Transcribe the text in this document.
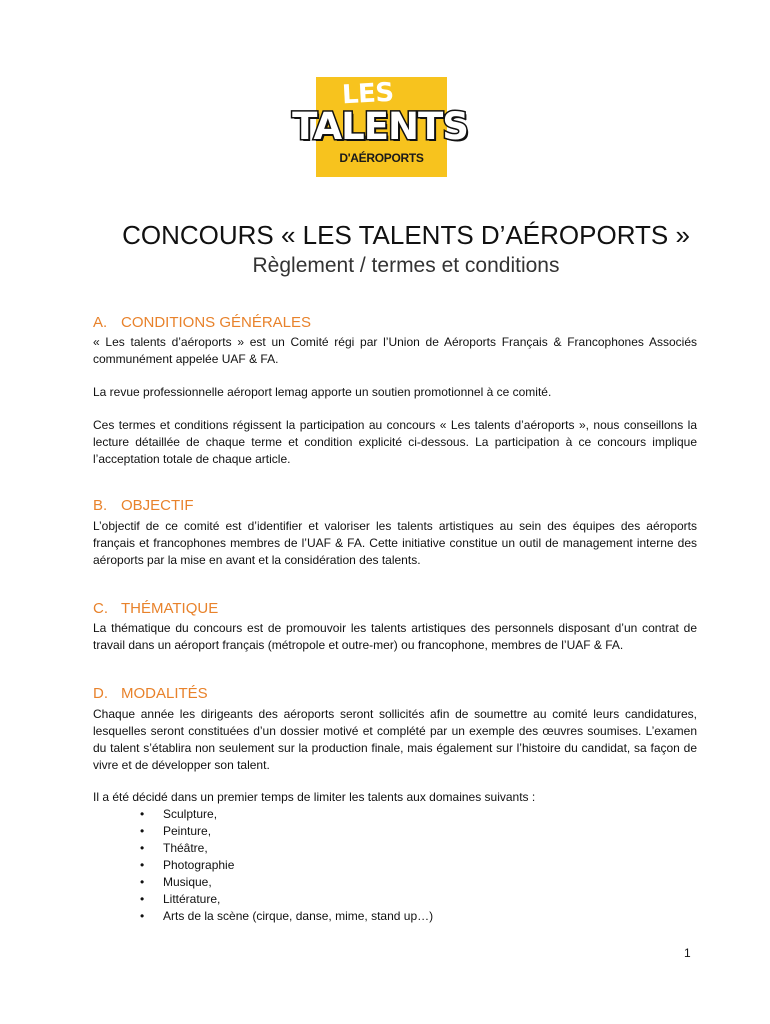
LES
TALENTS
D'AÉROPORTS
CONCOURS « LES TALENTS D’AÉROPORTS »
Règlement / termes et conditions
A. CONDITIONS GÉNÉRALES

« Les talents d’aéroports » est un Comité régi par l’Union de Aéroports Français & Francophones Associés communément appelée UAF & FA.

La revue professionnelle aéroport lemag apporte un soutien promotionnel à ce comité.

Ces termes et conditions régissent la participation au concours « Les talents d’aéroports », nous conseillons la lecture détaillée de chaque terme et condition explicité ci-dessous. La participation à ce concours implique l’acceptation totale de chaque article.

B. OBJECTIF

L’objectif de ce comité est d’identifier et valoriser les talents artistiques au sein des équipes des aéroports français et francophones membres de l’UAF & FA. Cette initiative constitue un outil de management interne des aéroports par la mise en avant et la considération des talents.

C. THÉMATIQUE

La thématique du concours est de promouvoir les talents artistiques des personnels disposant d’un contrat de travail dans un aéroport français (métropole et outre-mer) ou francophone, membres de l’UAF & FA.

D. MODALITÉS

Chaque année les dirigeants des aéroports seront sollicités afin de soumettre au comité leurs candidatures, lesquelles seront constituées d’un dossier motivé et complété par un exemple des œuvres soumises. L’examen du talent s’établira non seulement sur la production finale, mais également sur l’histoire du candidat, sa façon de vivre et de développer son talent.

Il a été décidé dans un premier temps de limiter les talents aux domaines suivants :

• Sculpture,
• Peinture,
• Théâtre,
• Photographie
• Musique,
• Littérature,
• Arts de la scène (cirque, danse, mime, stand up…)
1
